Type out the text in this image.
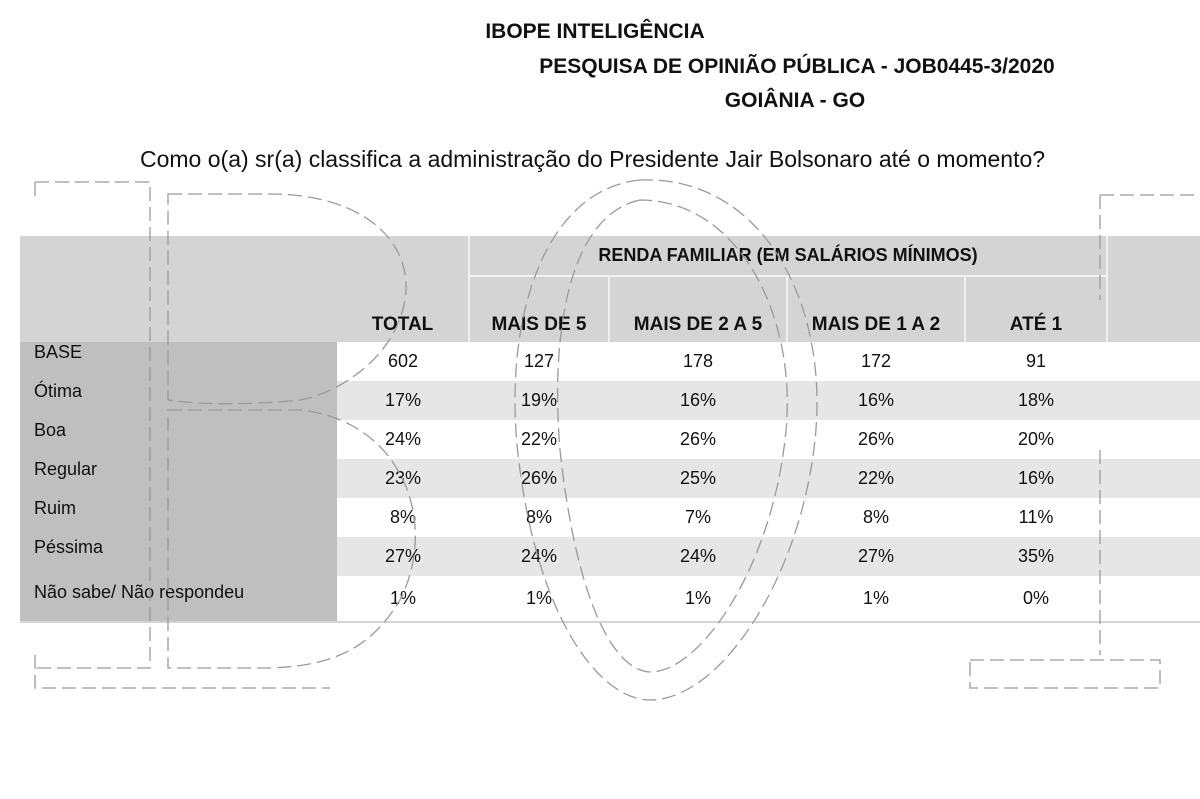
IBOPE INTELIGÊNCIA
PESQUISA DE OPINIÃO PÚBLICA - JOB0445-3/2020
GOIÂNIA - GO
Como o(a) sr(a) classifica a administração do Presidente Jair Bolsonaro até o momento?
	TOTAL	RENDA FAMILIAR (EM SALÁRIOS MÍNIMOS)				
		MAIS DE 5	MAIS DE 2 A 5	MAIS DE 1 A 2	ATÉ 1	
BASE	602	127	178	172	91	
Ótima	17%	19%	16%	16%	18%	
Boa	24%	22%	26%	26%	20%	
Regular	23%	26%	25%	22%	16%	
Ruim	8%	8%	7%	8%	11%	
Péssima	27%	24%	24%	27%	35%	
Não sabe/ Não respondeu	1%	1%	1%	1%	0%	
